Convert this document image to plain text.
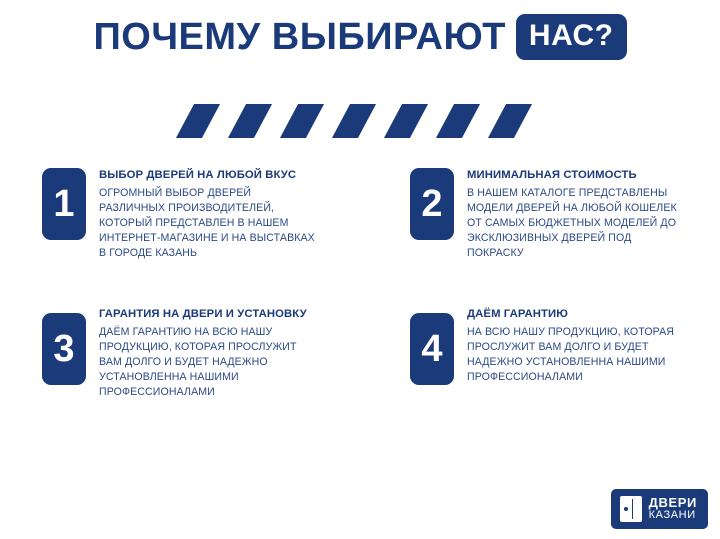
ПОЧЕМУ ВЫБИРАЮТ НАС?
1
ВЫБОР ДВЕРЕЙ НА ЛЮБОЙ ВКУС
ОГРОМНЫЙ ВЫБОР ДВЕРЕЙ РАЗЛИЧНЫХ ПРОИЗВОДИТЕЛЕЙ, КОТОРЫЙ ПРЕДСТАВЛЕН В НАШЕМ ИНТЕРНЕТ-МАГАЗИНЕ И НА ВЫСТАВКАХ В ГОРОДЕ КАЗАНЬ
2
МИНИМАЛЬНАЯ СТОИМОСТЬ
В НАШЕМ КАТАЛОГЕ ПРЕДСТАВЛЕНЫ МОДЕЛИ ДВЕРЕЙ НА ЛЮБОЙ КОШЕЛЕК ОТ САМЫХ БЮДЖЕТНЫХ МОДЕЛЕЙ ДО ЭКСКЛЮЗИВНЫХ ДВЕРЕЙ ПОД ПОКРАСКУ
3
ГАРАНТИЯ НА ДВЕРИ И УСТАНОВКУ
ДАЁМ ГАРАНТИЮ НА ВСЮ НАШУ ПРОДУКЦИЮ, КОТОРАЯ ПРОСЛУЖИТ ВАМ ДОЛГО И БУДЕТ НАДЕЖНО УСТАНОВЛЕННА НАШИМИ ПРОФЕССИОНАЛАМИ
4
ДАЁМ ГАРАНТИЮ
НА ВСЮ НАШУ ПРОДУКЦИЮ, КОТОРАЯ ПРОСЛУЖИТ ВАМ ДОЛГО И БУДЕТ НАДЕЖНО УСТАНОВЛЕННА НАШИМИ ПРОФЕССИОНАЛАМИ
ДВЕРИ
КАЗАНИ
